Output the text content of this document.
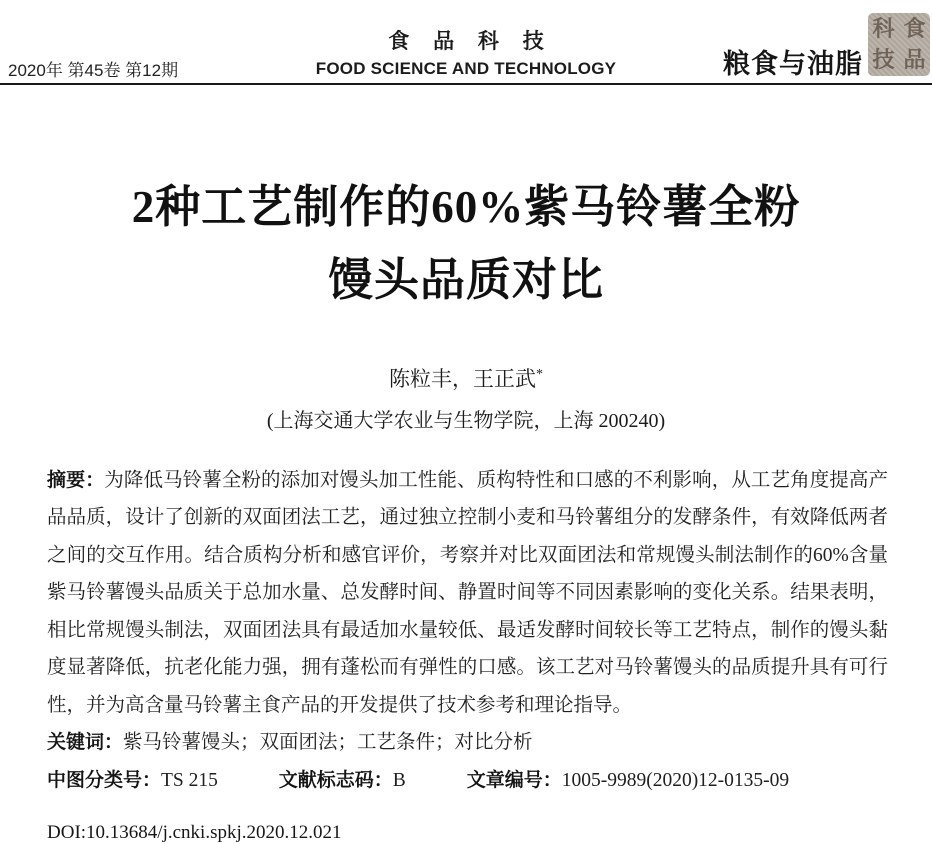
2020年 第45卷 第12期
食 品 科 技
FOOD SCIENCE AND TECHNOLOGY	粮食与油脂
科 食
技 品
2种工艺制作的60%紫马铃薯全粉
馒头品质对比
陈粒丰，王正武*
(上海交通大学农业与生物学院，上海 200240)

摘要：为降低马铃薯全粉的添加对馒头加工性能、质构特性和口感的不利影响，从工艺角度提高产品品质，设计了创新的双面团法工艺，通过独立控制小麦和马铃薯组分的发酵条件，有效降低两者之间的交互作用。结合质构分析和感官评价，考察并对比双面团法和常规馒头制法制作的60%含量紫马铃薯馒头品质关于总加水量、总发酵时间、静置时间等不同因素影响的变化关系。结果表明，相比常规馒头制法，双面团法具有最适加水量较低、最适发酵时间较长等工艺特点，制作的馒头黏度显著降低，抗老化能力强，拥有蓬松而有弹性的口感。该工艺对马铃薯馒头的品质提升具有可行性，并为高含量马铃薯主食产品的开发提供了技术参考和理论指导。

关键词：紫马铃薯馒头；双面团法；工艺条件；对比分析

中图分类号：TS 215	文献标志码：B	文章编号：1005-9989(2020)12-0135-09

DOI:10.13684/j.cnki.spkj.2020.12.021
